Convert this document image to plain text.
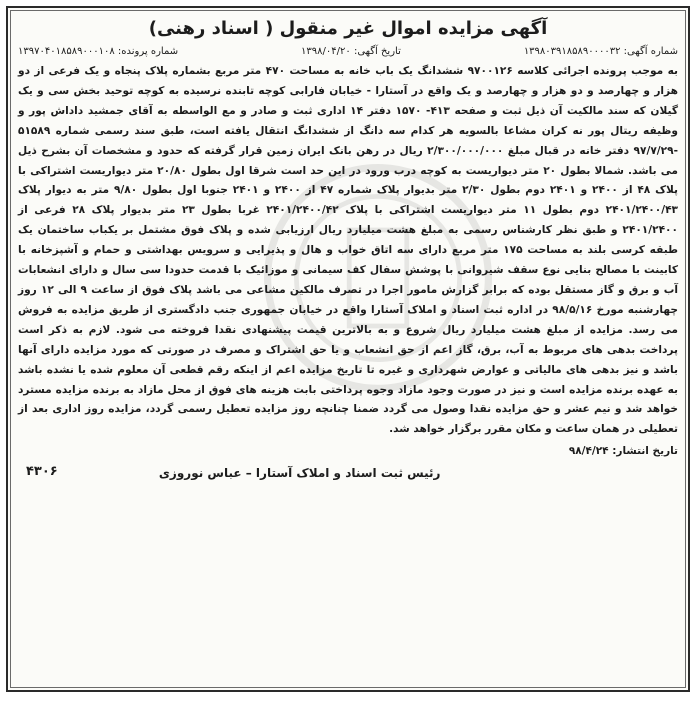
آگهی مزایده اموال غیر منقول ( اسناد رهنی)
شماره آگهی: ۱۳۹۸۰۳۹۱۸۵۸۹۰۰۰۰۳۲
تاریخ آگهی: ۱۳۹۸/۰۴/۲۰
شماره پرونده: ۱۳۹۷۰۴۰۱۸۵۸۹۰۰۰۱۰۸

به موجب پرونده اجرائی کلاسه ۹۷۰۰۱۲۶ ششدانگ یک باب خانه به مساحت ۴۷۰ متر مربع بشماره پلاک پنجاه و یک فرعی از دو هزار و چهارصد و دو هزار و چهارصد و یک واقع در آستارا - خیابان فارابی کوچه تابنده نرسیده به کوچه توحید بخش سی و یک گیلان که سند مالکیت آن ذیل ثبت و صفحه ۴۱۳- ۱۵۷۰ دفتر ۱۴ اداری ثبت و صادر و مع الواسطه به آقای جمشید داداش پور و وظیفه ریتال پور نه کران مشاعا بالسویه هر کدام سه دانگ از ششدانگ انتقال یافته است، طبق سند رسمی شماره ۵۱۵۸۹ -۹۷/۷/۲۹ دفتر خانه در قبال مبلغ ۲/۳۰۰/۰۰۰/۰۰۰ ریال در رهن بانک ایران زمین قرار گرفته که حدود و مشخصات آن بشرح ذیل می باشد. شمالا بطول ۲۰ متر دیواریست به کوچه درب ورود در این حد است شرقا اول بطول ۲۰/۸۰ متر دیواریست اشتراکی با پلاک ۴۸ از ۲۴۰۰ و ۲۴۰۱ دوم بطول ۲/۳۰ متر بدیوار پلاک شماره ۴۷ از ۲۴۰۰ و ۲۴۰۱ جنوبا اول بطول ۹/۸۰ متر به دیوار پلاک ۲۴۰۱/۲۴۰۰/۴۳ دوم بطول ۱۱ متر دیواریست اشتراکی با پلاک ۲۴۰۱/۲۴۰۰/۴۲ غربا بطول ۲۳ متر بدیوار پلاک ۲۸ فرعی از ۲۴۰۱/۲۴۰۰ و طبق نظر کارشناس رسمی به مبلغ هشت میلیارد ریال ارزیابی شده و پلاک فوق مشتمل بر یکباب ساختمان یک طبقه کرسی بلند به مساحت ۱۷۵ متر مربع دارای سه اتاق خواب و هال و پذیرایی و سرویس بهداشتی و حمام و آشپزخانه با کابینت با مصالح بنایی نوع سقف شیروانی با پوشش سفال کف سیمانی و موزائیک با قدمت حدودا سی سال و دارای انشعابات آب و برق و گاز مستقل بوده که برابر گزارش مامور اجرا در تصرف مالکین مشاعی می باشد پلاک فوق از ساعت ۹ الی ۱۲ روز چهارشنبه مورخ ۹۸/۵/۱۶ در اداره ثبت اسناد و املاک آستارا واقع در خیابان جمهوری جنب دادگستری از طریق مزایده به فروش می رسد. مزایده از مبلغ هشت میلیارد ریال شروع و به بالاترین قیمت پیشنهادی نقدا فروخته می شود. لازم به ذکر است پرداخت بدهی های مربوط به آب، برق، گاز اعم از حق انشعاب و یا حق اشتراک و مصرف در صورتی که مورد مزایده دارای آنها باشد و نیز بدهی های مالیاتی و عوارض شهرداری و غیره تا تاریخ مزایده اعم از اینکه رقم قطعی آن معلوم شده یا نشده باشد به عهده برنده مزایده است و نیز در صورت وجود مازاد وجوه پرداختی بابت هزینه های فوق از محل مازاد به برنده مزایده مسترد خواهد شد و نیم عشر و حق مزایده نقدا وصول می گردد ضمنا چنانچه روز مزایده تعطیل رسمی گردد، مزایده روز اداری بعد از تعطیلی در همان ساعت و مکان مقرر برگزار خواهد شد.

تاریخ انتشار: ۹۸/۴/۲۴
رئیس ثبت اسناد و املاک آستارا – عباس نوروزی
۴۳۰۶
